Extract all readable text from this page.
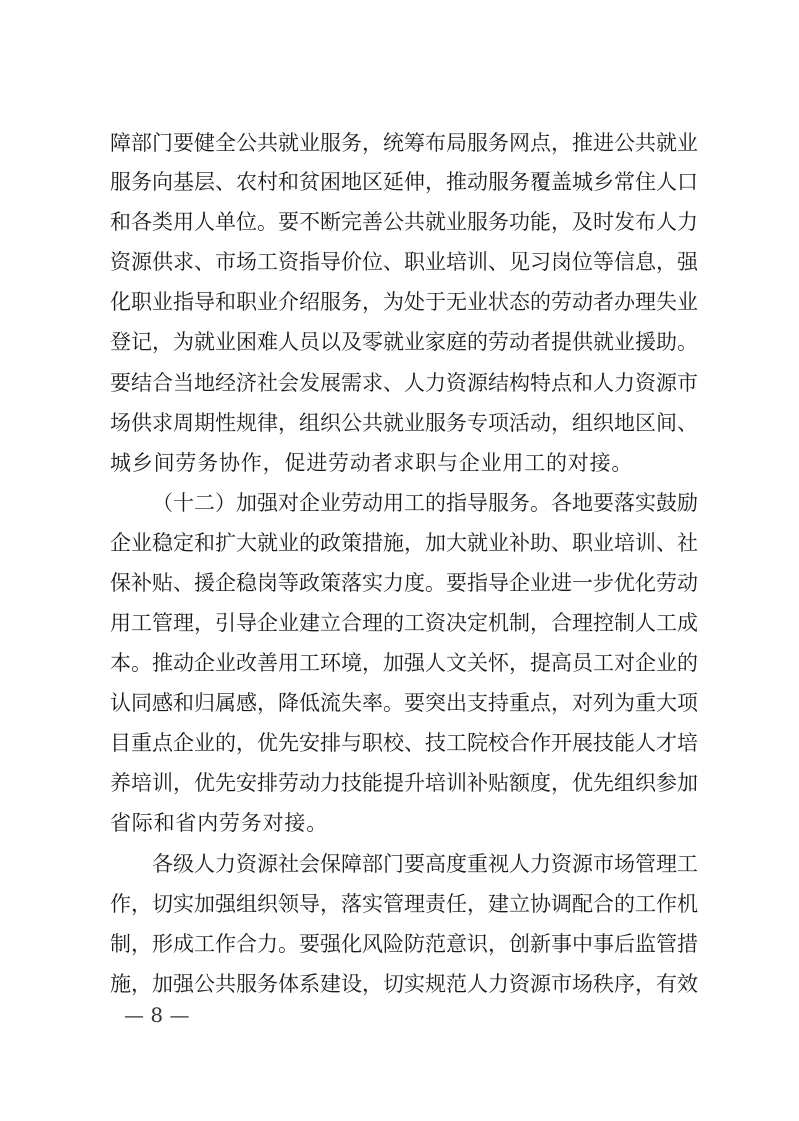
障部门要健全公共就业服务，统筹布局服务网点，推进公共就业
服务向基层、农村和贫困地区延伸，推动服务覆盖城乡常住人口
和各类用人单位。要不断完善公共就业服务功能，及时发布人力
资源供求、市场工资指导价位、职业培训、见习岗位等信息，强
化职业指导和职业介绍服务，为处于无业状态的劳动者办理失业
登记，为就业困难人员以及零就业家庭的劳动者提供就业援助。
要结合当地经济社会发展需求、人力资源结构特点和人力资源市
场供求周期性规律，组织公共就业服务专项活动，组织地区间、
城乡间劳务协作，促进劳动者求职与企业用工的对接。
（十二）加强对企业劳动用工的指导服务。各地要落实鼓励
企业稳定和扩大就业的政策措施，加大就业补助、职业培训、社
保补贴、援企稳岗等政策落实力度。要指导企业进一步优化劳动
用工管理，引导企业建立合理的工资决定机制，合理控制人工成
本。推动企业改善用工环境，加强人文关怀，提高员工对企业的
认同感和归属感，降低流失率。要突出支持重点，对列为重大项
目重点企业的，优先安排与职校、技工院校合作开展技能人才培
养培训，优先安排劳动力技能提升培训补贴额度，优先组织参加
省际和省内劳务对接。
各级人力资源社会保障部门要高度重视人力资源市场管理工
作，切实加强组织领导，落实管理责任，建立协调配合的工作机
制，形成工作合力。要强化风险防范意识，创新事中事后监管措
施，加强公共服务体系建设，切实规范人力资源市场秩序，有效
— 8 —
